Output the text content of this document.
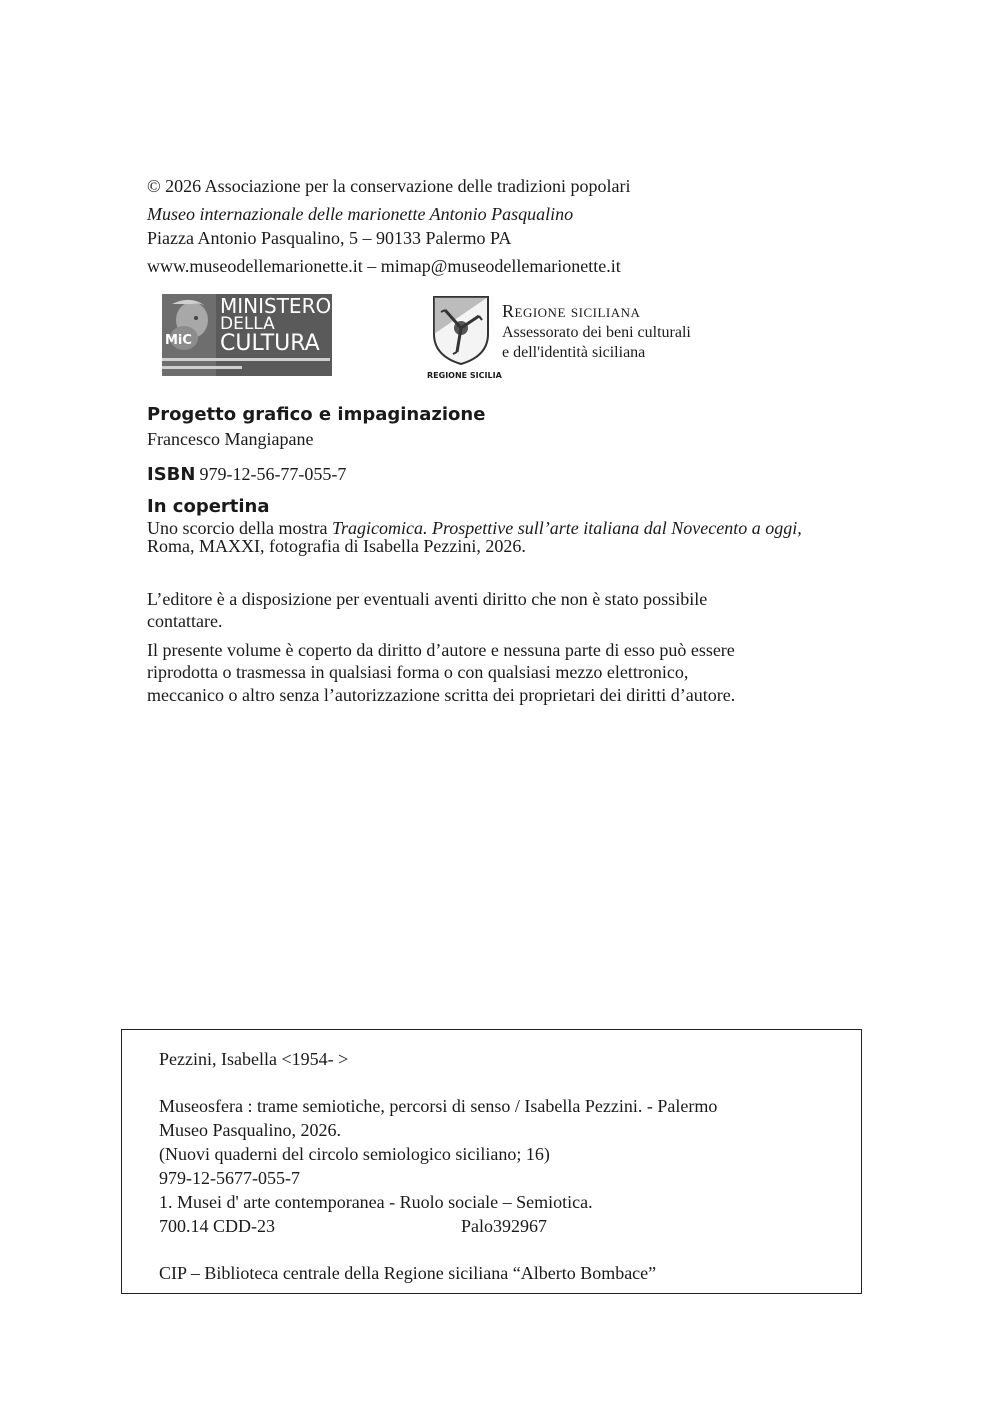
© 2026 Associazione per la conservazione delle tradizioni popolari
Museo internazionale delle marionette Antonio Pasqualino
Piazza Antonio Pasqualino, 5 – 90133 Palermo PA
www.museodellemarionette.it – mimap@museodellemarionette.it
MiC
MINISTERO
DELLA
CULTURA
REGIONE SICILIA
Regione siciliana
Assessorato dei beni culturali
e dell'identità siciliana
Progetto grafico e impaginazione
Francesco Mangiapane
ISBN 979-12-56-77-055-7
In copertina
Uno scorcio della mostra Tragicomica. Prospettive sull’arte italiana dal Novecento a oggi,
Roma, MAXXI, fotografia di Isabella Pezzini, 2026.
L’editore è a disposizione per eventuali aventi diritto che non è stato possibile
contattare.
Il presente volume è coperto da diritto d’autore e nessuna parte di esso può essere
riprodotta o trasmessa in qualsiasi forma o con qualsiasi mezzo elettronico,
meccanico o altro senza l’autorizzazione scritta dei proprietari dei diritti d’autore.
Pezzini, Isabella <1954- >
Museosfera : trame semiotiche, percorsi di senso / Isabella Pezzini. - Palermo
Museo Pasqualino, 2026.
(Nuovi quaderni del circolo semiologico siciliano; 16)
979-12-5677-055-7
1. Musei d' arte contemporanea - Ruolo sociale – Semiotica.
700.14 CDD-23	Palo392967
CIP – Biblioteca centrale della Regione siciliana “Alberto Bombace”
